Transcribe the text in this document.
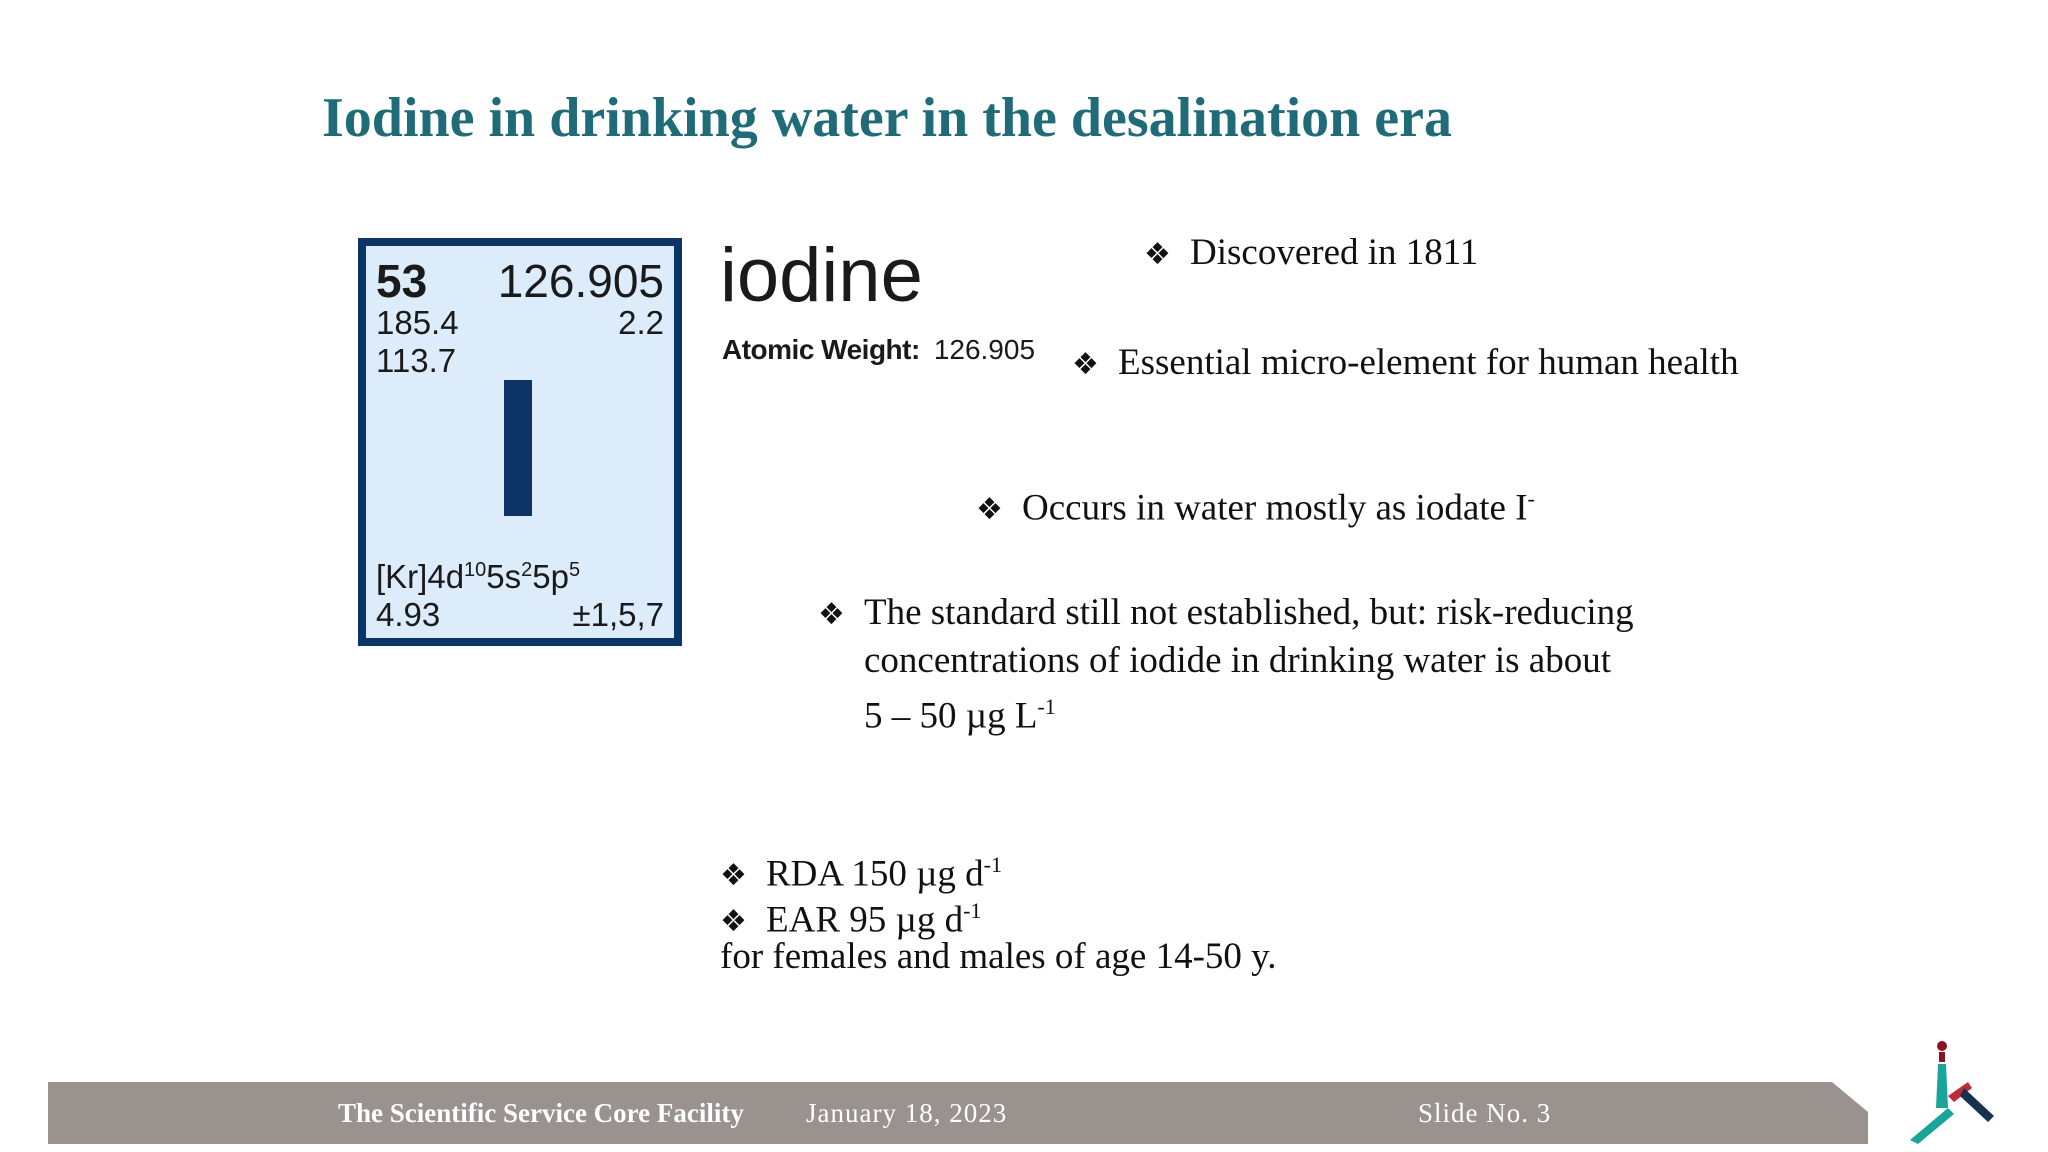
Iodine in drinking water in the desalination era
53 126.905
185.4	2.2
113.7
$[Kr]4d^{10}5s^25p^5$
4.93	±1,5,7
iodine
Atomic Weight: 126.905
❖ Discovered in 1811
❖ Essential micro-element for human health
❖ Occurs in water mostly as iodate I-
❖ The standard still not established, but: risk-reducing
concentrations of iodide in drinking water is about
5 – 50 µg $L^{-1}$
❖ RDA 150 µg $d^{-1}$
❖ EAR 95 µg $d^{-1}$
for females and males of age 14-50 y.
The Scientific Service Core Facility January 18, 2023	Slide No. 3
